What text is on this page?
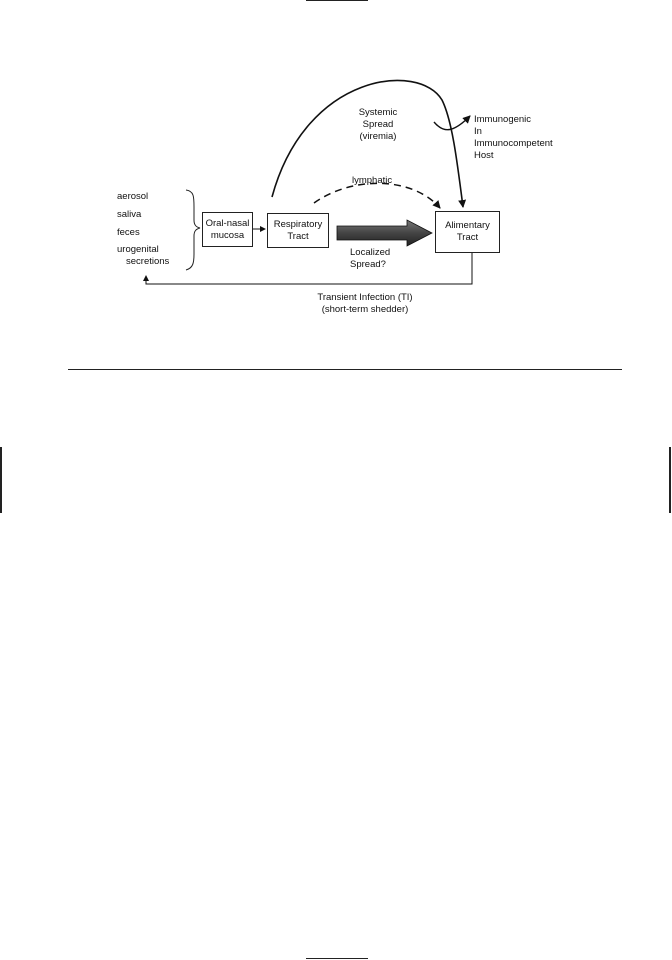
aerosol
saliva
feces
urogenital
secretions
Oral-nasal
mucosa
Respiratory
Tract
Alimentary
Tract
Systemic
Spread
(viremia)
Immunogenic
In
Immunocompetent
Host
lymphatic
Localized
Spread?
Transient Infection (TI)
(short-term shedder)
